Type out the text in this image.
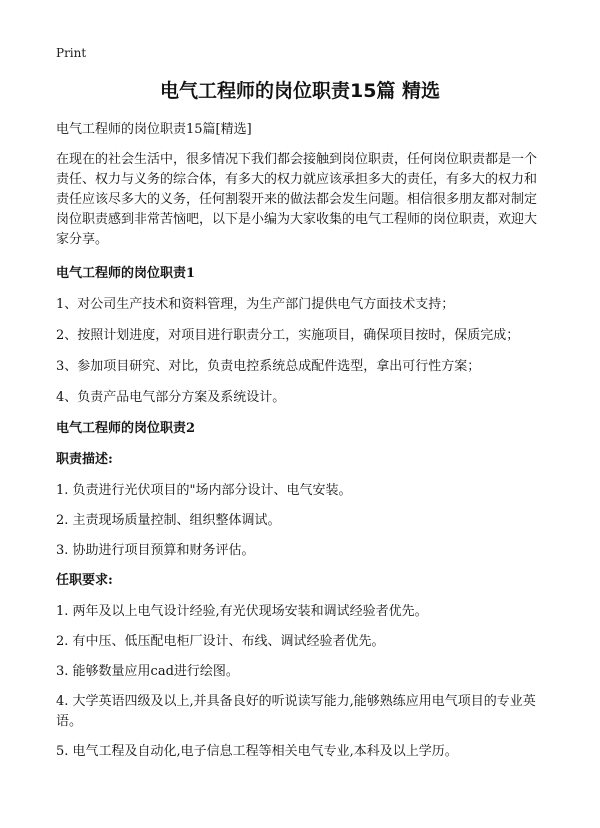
Print
电气工程师的岗位职责15篇 精选

电气工程师的岗位职责15篇[精选]

在现在的社会生活中，很多情况下我们都会接触到岗位职责，任何岗位职责都是一个责任、权力与义务的综合体，有多大的权力就应该承担多大的责任，有多大的权力和责任应该尽多大的义务，任何割裂开来的做法都会发生问题。相信很多朋友都对制定岗位职责感到非常苦恼吧，以下是小编为大家收集的电气工程师的岗位职责，欢迎大家分享。

电气工程师的岗位职责1

1、对公司生产技术和资料管理，为生产部门提供电气方面技术支持；

2、按照计划进度，对项目进行职责分工，实施项目，确保项目按时，保质完成；

3、参加项目研究、对比，负责电控系统总成配件选型，拿出可行性方案；

4、负责产品电气部分方案及系统设计。

电气工程师的岗位职责2

职责描述:

1. 负责进行光伏项目的"场内部分设计、电气安装。

2. 主责现场质量控制、组织整体调试。

3. 协助进行项目预算和财务评估。

任职要求:

1. 两年及以上电气设计经验,有光伏现场安装和调试经验者优先。

2. 有中压、低压配电柜厂设计、布线、调试经验者优先。

3. 能够数量应用cad进行绘图。

4. 大学英语四级及以上,并具备良好的听说读写能力,能够熟练应用电气项目的专业英语。

5. 电气工程及自动化,电子信息工程等相关电气专业,本科及以上学历。
